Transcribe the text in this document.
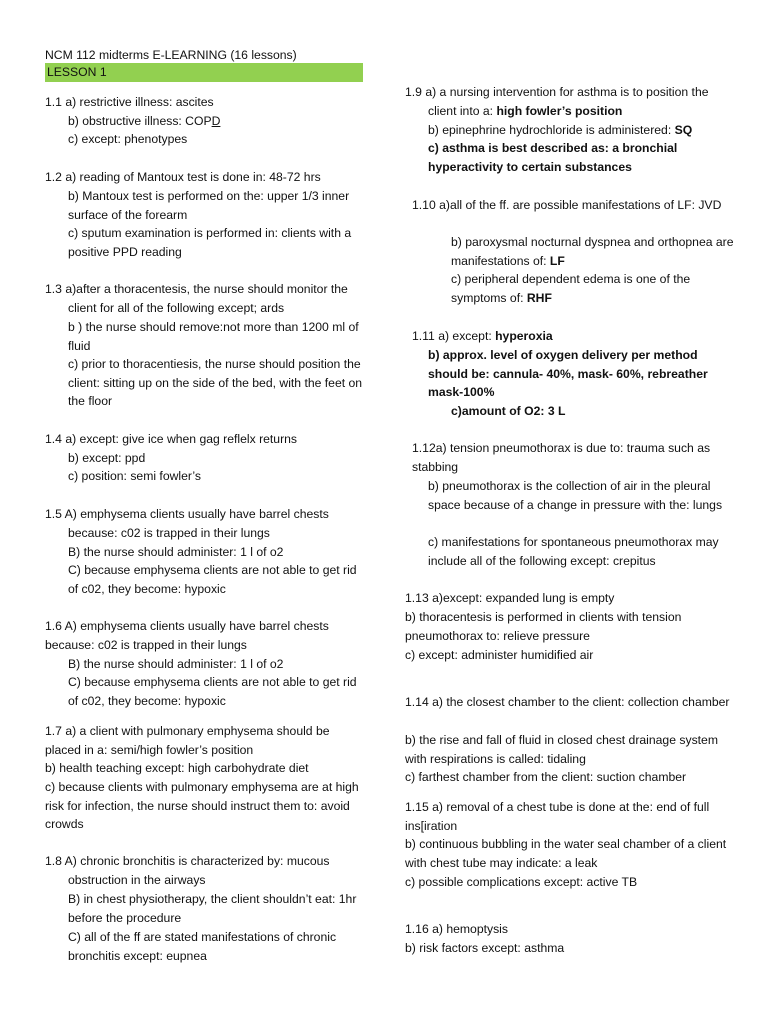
NCM 112 midterms E-LEARNING (16 lessons)
LESSON 1
1.1 a) restrictive illness: ascites
b) obstructive illness: COPD
c) except: phenotypes
1.2 a) reading of Mantoux test is done in: 48-72 hrs
b) Mantoux test is performed on the: upper 1/3 inner surface of the forearm
c) sputum examination is performed in: clients with a positive PPD reading
1.3 a)after a thoracentesis, the nurse should monitor the client for all of the following except; ards
b ) the nurse should remove:not more than 1200 ml of fluid
c) prior to thoracentiesis, the nurse should position the client: sitting up on the side of the bed, with the feet on the floor
1.4 a) except: give ice when gag reflelx returns
b) except: ppd
c) position: semi fowler’s
1.5 A) emphysema clients usually have barrel chests because: c02 is trapped in their lungs
B) the nurse should administer: 1 l of o2
C) because emphysema clients are not able to get rid of c02, they become: hypoxic
1.6 A) emphysema clients usually have barrel chests because: c02 is trapped in their lungs
B) the nurse should administer: 1 l of o2
C) because emphysema clients are not able to get rid of c02, they become: hypoxic
1.7 a) a client with pulmonary emphysema should be placed in a: semi/high fowler’s position
b) health teaching except: high carbohydrate diet
c) because clients with pulmonary emphysema are at high risk for infection, the nurse should instruct them to: avoid crowds
1.8 A) chronic bronchitis is characterized by: mucous obstruction in the airways
B) in chest physiotherapy, the client shouldn’t eat: 1hr before the procedure
C) all of the ff are stated manifestations of chronic bronchitis except: eupnea
1.9 a) a nursing intervention for asthma is to position the client into a: high fowler’s position
b) epinephrine hydrochloride is administered: SQ
c) asthma is best described as: a bronchial hyperactivity to certain substances
1.10 a)all of the ff. are possible manifestations of LF: JVD
b) paroxysmal nocturnal dyspnea and orthopnea are manifestations of: LF
c) peripheral dependent edema is one of the symptoms of: RHF
1.11 a) except: hyperoxia
b) approx. level of oxygen delivery per method should be: cannula- 40%, mask- 60%, rebreather mask-100%
c)amount of O2: 3 L
1.12a) tension pneumothorax is due to: trauma such as stabbing
b) pneumothorax is the collection of air in the pleural space because of a change in pressure with the: lungs
c) manifestations for spontaneous pneumothorax may include all of the following except: crepitus
1.13 a)except: expanded lung is empty
b) thoracentesis is performed in clients with tension pneumothorax to: relieve pressure
c) except: administer humidified air
1.14 a) the closest chamber to the client: collection chamber
b) the rise and fall of fluid in closed chest drainage system with respirations is called: tidaling
c) farthest chamber from the client: suction chamber
1.15 a) removal of a chest tube is done at the: end of full ins[iration
b) continuous bubbling in the water seal chamber of a client with chest tube may indicate: a leak
c) possible complications except: active TB
1.16 a) hemoptysis
b) risk factors except: asthma
